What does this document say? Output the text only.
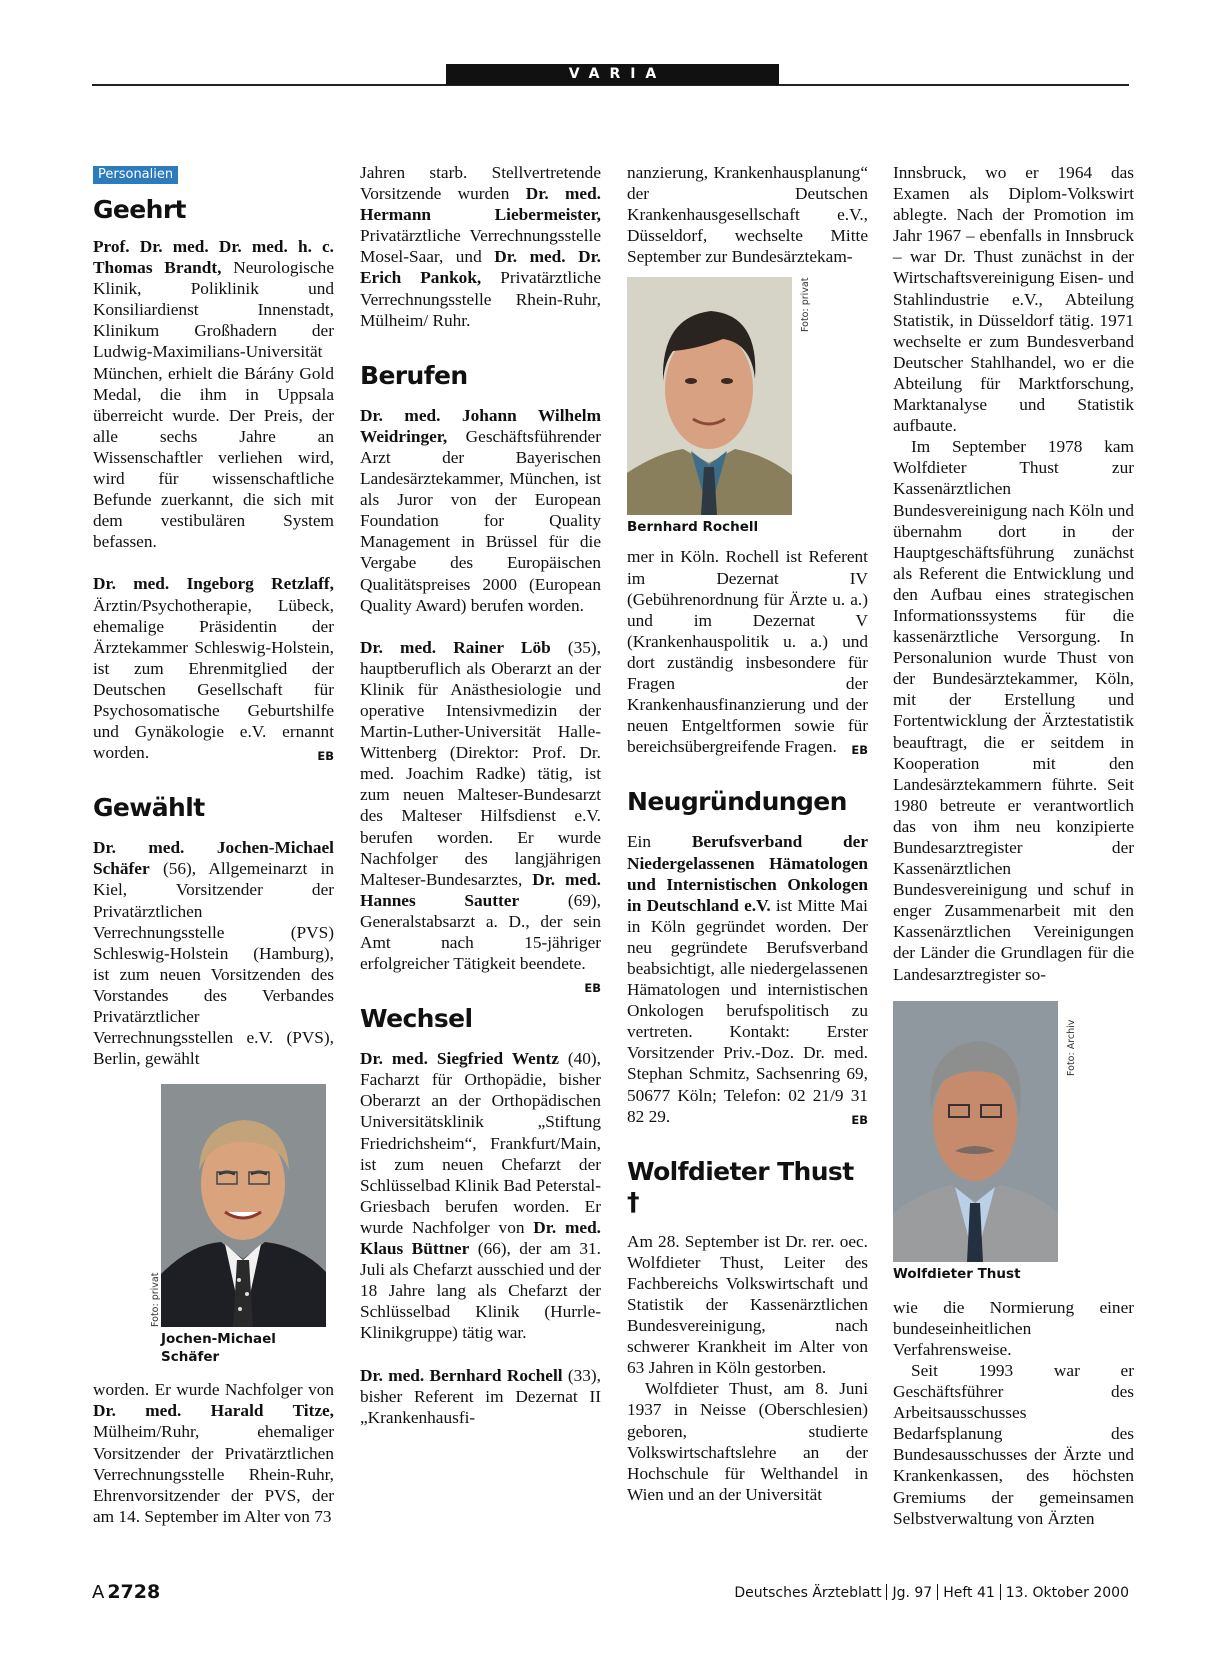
VARIA
Personalien
Geehrt

Prof. Dr. med. Dr. med. h. c. Thomas Brandt, Neurologische Klinik, Poliklinik und Konsiliardienst Innenstadt, Klinikum Großhadern der Ludwig-Maximilians-Universität München, erhielt die Bárány Gold Medal, die ihm in Uppsala überreicht wurde. Der Preis, der alle sechs Jahre an Wissenschaftler verliehen wird, wird für wissenschaftliche Befunde zuerkannt, die sich mit dem vestibulären System befassen.

Dr. med. Ingeborg Retzlaff, Ärztin/Psychotherapie, Lübeck, ehemalige Präsidentin der Ärztekammer Schleswig-Holstein, ist zum Ehrenmitglied der Deutschen Gesellschaft für Psychosomatische Geburtshilfe und Gynäkologie e.V. ernannt worden.	EB

Gewählt

Dr. med. Jochen-Michael Schäfer (56), Allgemeinarzt in Kiel, Vorsitzender der Privatärztlichen Verrechnungsstelle (PVS) Schleswig-Holstein (Hamburg), ist zum neuen Vorsitzenden des Vorstandes des Verbandes Privatärztlicher Verrechnungsstellen e.V. (PVS), Berlin, gewählt

Foto: privat
Jochen-Michael Schäfer

worden. Er wurde Nachfolger von Dr. med. Harald Titze, Mülheim/Ruhr, ehemaliger Vorsitzender der Privatärztlichen Verrechnungsstelle Rhein-Ruhr, Ehrenvorsitzender der PVS, der am 14. September im Alter von 73

Jahren starb. Stellvertretende Vorsitzende wurden Dr. med. Hermann Liebermeister, Privatärztliche Verrechnungsstelle Mosel-Saar, und Dr. med. Dr. Erich Pankok, Privatärztliche Verrechnungsstelle Rhein-Ruhr, Mülheim/ Ruhr.

Berufen

Dr. med. Johann Wilhelm Weidringer, Geschäftsführender Arzt der Bayerischen Landesärztekammer, München, ist als Juror von der European Foundation for Quality Management in Brüssel für die Vergabe des Europäischen Qualitätspreises 2000 (European Quality Award) berufen worden.

Dr. med. Rainer Löb (35), hauptberuflich als Oberarzt an der Klinik für Anästhesiologie und operative Intensivmedizin der Martin-Luther-Universität Halle-Wittenberg (Direktor: Prof. Dr. med. Joachim Radke) tätig, ist zum neuen Malteser-Bundesarzt des Malteser Hilfsdienst e.V. berufen worden. Er wurde Nachfolger des langjährigen Malteser-Bundesarztes, Dr. med. Hannes Sautter (69), Generalstabsarzt a. D., der sein Amt nach 15-jähriger erfolgreicher Tätigkeit beendete.
EB

Wechsel

Dr. med. Siegfried Wentz (40), Facharzt für Orthopädie, bisher Oberarzt an der Orthopädischen Universitätsklinik „Stiftung Friedrichsheim“, Frankfurt/Main, ist zum neuen Chefarzt der Schlüsselbad Klinik Bad Peterstal-Griesbach berufen worden. Er wurde Nachfolger von Dr. med. Klaus Büttner (66), der am 31. Juli als Chefarzt ausschied und der 18 Jahre lang als Chefarzt der Schlüsselbad Klinik (Hurrle-Klinikgruppe) tätig war.

Dr. med. Bernhard Rochell (33), bisher Referent im Dezernat II „Krankenhausfi-

nanzierung, Krankenhausplanung“ der Deutschen Krankenhausgesellschaft e.V., Düsseldorf, wechselte Mitte September zur Bundesärztekam-

Foto: privat
Bernhard Rochell

mer in Köln. Rochell ist Referent im Dezernat IV (Gebührenordnung für Ärzte u. a.) und im Dezernat V (Krankenhauspolitik u. a.) und dort zuständig insbesondere für Fragen der Krankenhausfinanzierung und der neuen Entgeltformen sowie für bereichsübergreifende Fragen. EB

Neugründungen

Ein Berufsverband der Niedergelassenen Hämatologen und Internistischen Onkologen in Deutschland e.V. ist Mitte Mai in Köln gegründet worden. Der neu gegründete Berufsverband beabsichtigt, alle niedergelassenen Hämatologen und internistischen Onkologen berufspolitisch zu vertreten. Kontakt: Erster Vorsitzender Priv.-Doz. Dr. med. Stephan Schmitz, Sachsenring 69, 50677 Köln; Telefon: 02 21/9 31 82 29.	EB

Wolfdieter Thust †

Am 28. September ist Dr. rer. oec. Wolfdieter Thust, Leiter des Fachbereichs Volkswirtschaft und Statistik der Kassenärztlichen Bundesvereinigung, nach schwerer Krankheit im Alter von 63 Jahren in Köln gestorben.

Wolfdieter Thust, am 8. Juni 1937 in Neisse (Oberschlesien) geboren, studierte Volkswirtschaftslehre an der Hochschule für Welthandel in Wien und an der Universität

Innsbruck, wo er 1964 das Examen als Diplom-Volkswirt ablegte. Nach der Promotion im Jahr 1967 – ebenfalls in Innsbruck – war Dr. Thust zunächst in der Wirtschaftsvereinigung Eisen- und Stahlindustrie e.V., Abteilung Statistik, in Düsseldorf tätig. 1971 wechselte er zum Bundesverband Deutscher Stahlhandel, wo er die Abteilung für Marktforschung, Marktanalyse und Statistik aufbaute.

Im September 1978 kam Wolfdieter Thust zur Kassenärztlichen Bundesvereinigung nach Köln und übernahm dort in der Hauptgeschäftsführung zunächst als Referent die Entwicklung und den Aufbau eines strategischen Informationssystems für die kassenärztliche Versorgung. In Personalunion wurde Thust von der Bundesärztekammer, Köln, mit der Erstellung und Fortentwicklung der Ärztestatistik beauftragt, die er seitdem in Kooperation mit den Landesärztekammern führte. Seit 1980 betreute er verantwortlich das von ihm neu konzipierte Bundesarztregister der Kassenärztlichen Bundesvereinigung und schuf in enger Zusammenarbeit mit den Kassenärztlichen Vereinigungen der Länder die Grundlagen für die Landesarztregister so-

Foto: Archiv
Wolfdieter Thust

wie die Normierung einer bundeseinheitlichen Verfahrensweise.

Seit 1993 war er Geschäftsführer des Arbeitsausschusses Bedarfsplanung des Bundesausschusses der Ärzte und Krankenkassen, des höchsten Gremiums der gemeinsamen Selbstverwaltung von Ärzten

A 2728	Deutsches Ärzteblatt Jg. 97 Heft 41 13. Oktober 2000
